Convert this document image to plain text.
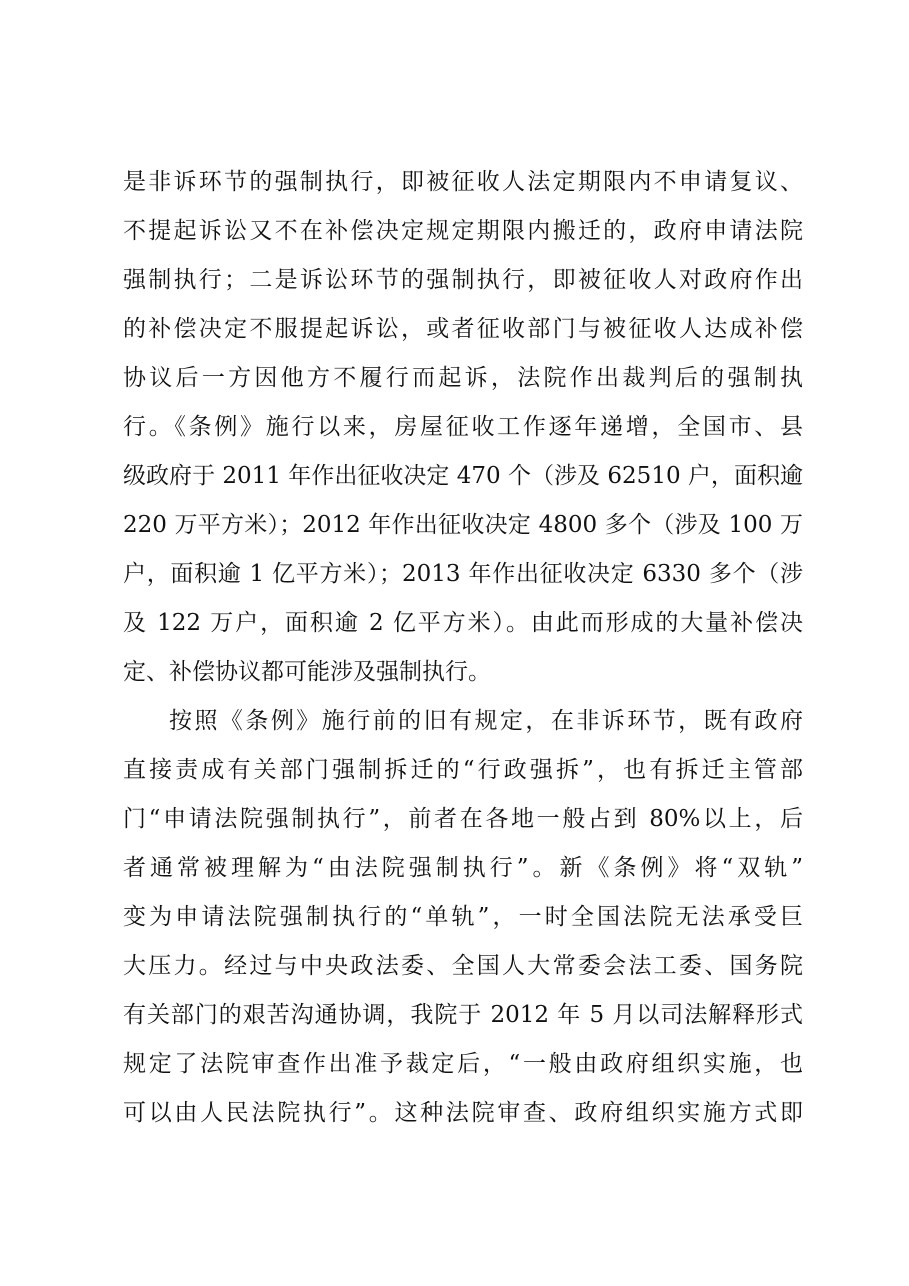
是非诉环节的强制执行，即被征收人法定期限内不申请复议、
不提起诉讼又不在补偿决定规定期限内搬迁的，政府申请法院
强制执行；二是诉讼环节的强制执行，即被征收人对政府作出
的补偿决定不服提起诉讼，或者征收部门与被征收人达成补偿
协议后一方因他方不履行而起诉，法院作出裁判后的强制执
行。《条例》施行以来，房屋征收工作逐年递增，全国市、县
级政府于 2011 年作出征收决定 470 个（涉及 62510 户，面积逾
220 万平方米）；2012 年作出征收决定 4800 多个（涉及 100 万
户，面积逾 1 亿平方米）；2013 年作出征收决定 6330 多个（涉
及 122 万户，面积逾 2 亿平方米）。由此而形成的大量补偿决
定、补偿协议都可能涉及强制执行。
按照《条例》施行前的旧有规定，在非诉环节，既有政府
直接责成有关部门强制拆迁的“行政强拆”，也有拆迁主管部
门“申请法院强制执行”，前者在各地一般占到 80%以上，后
者通常被理解为“由法院强制执行”。新《条例》将“双轨”
变为申请法院强制执行的“单轨”，一时全国法院无法承受巨
大压力。经过与中央政法委、全国人大常委会法工委、国务院
有关部门的艰苦沟通协调，我院于 2012 年 5 月以司法解释形式
规定了法院审查作出准予裁定后，“一般由政府组织实施，也
可以由人民法院执行”。这种法院审查、政府组织实施方式即
